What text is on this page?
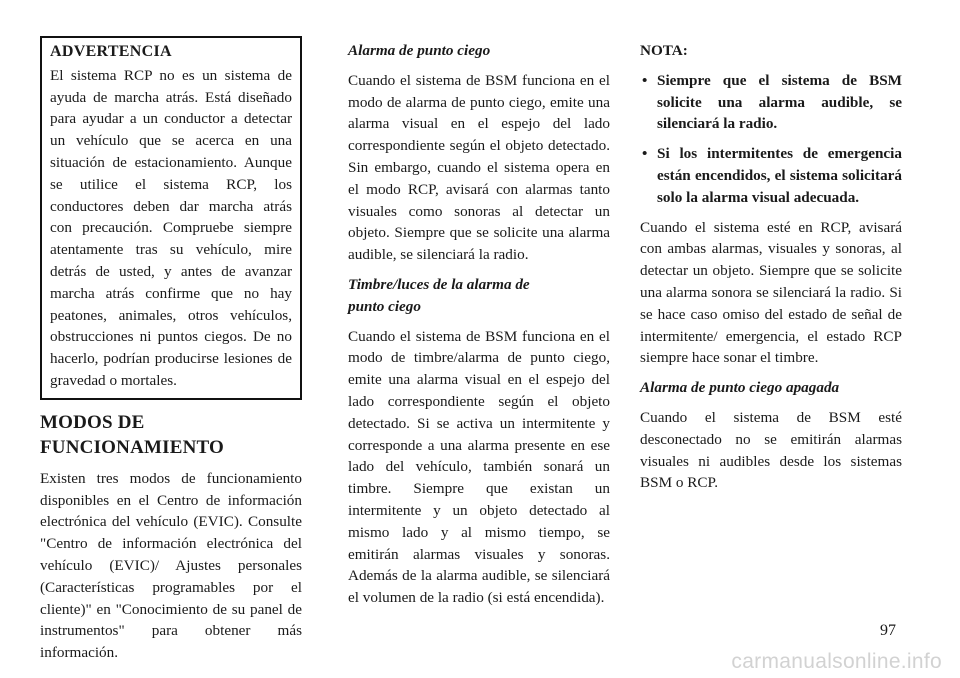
ADVERTENCIA

El sistema RCP no es un sistema de ayuda de marcha atrás. Está diseñado para ayudar a un conductor a detectar un vehículo que se acerca en una situación de estacionamiento. Aunque se utilice el sistema RCP, los conductores deben dar marcha atrás con precaución. Compruebe siempre atentamente tras su vehículo, mire detrás de usted, y antes de avanzar marcha atrás confirme que no hay peatones, animales, otros vehículos, obstrucciones ni puntos ciegos. De no hacerlo, podrían producirse lesiones de gravedad o mortales.

MODOS DE
FUNCIONAMIENTO

Existen tres modos de funcionamiento disponibles en el Centro de información electrónica del vehículo (EVIC). Consulte "Centro de información electrónica del vehículo (EVIC)/ Ajustes personales (Características programables por el cliente)" en "Conocimiento de su panel de instrumentos" para obtener más información.

Alarma de punto ciego

Cuando el sistema de BSM funciona en el modo de alarma de punto ciego, emite una alarma visual en el espejo del lado correspondiente según el objeto detectado. Sin embargo, cuando el sistema opera en el modo RCP, avisará con alarmas tanto visuales como sonoras al detectar un objeto. Siempre que se solicite una alarma audible, se silenciará la radio.

Timbre/luces de la alarma de
punto ciego

Cuando el sistema de BSM funciona en el modo de timbre/alarma de punto ciego, emite una alarma visual en el espejo del lado correspondiente según el objeto detectado. Si se activa un intermitente y corresponde a una alarma presente en ese lado del vehículo, también sonará un timbre. Siempre que existan un intermitente y un objeto detectado al mismo lado y al mismo tiempo, se emitirán alarmas visuales y sonoras. Además de la alarma audible, se silenciará el volumen de la radio (si está encendida).

NOTA:
• Siempre que el sistema de BSM solicite una alarma audible, se silenciará la radio.
• Si los intermitentes de emergencia están encendidos, el sistema solicitará solo la alarma visual adecuada.

Cuando el sistema esté en RCP, avisará con ambas alarmas, visuales y sonoras, al detectar un objeto. Siempre que se solicite una alarma sonora se silenciará la radio. Si se hace caso omiso del estado de señal de intermitente/ emergencia, el estado RCP siempre hace sonar el timbre.

Alarma de punto ciego apagada

Cuando el sistema de BSM esté desconectado no se emitirán alarmas visuales ni audibles desde los sistemas BSM o RCP.

97
carmanualsonline.info
